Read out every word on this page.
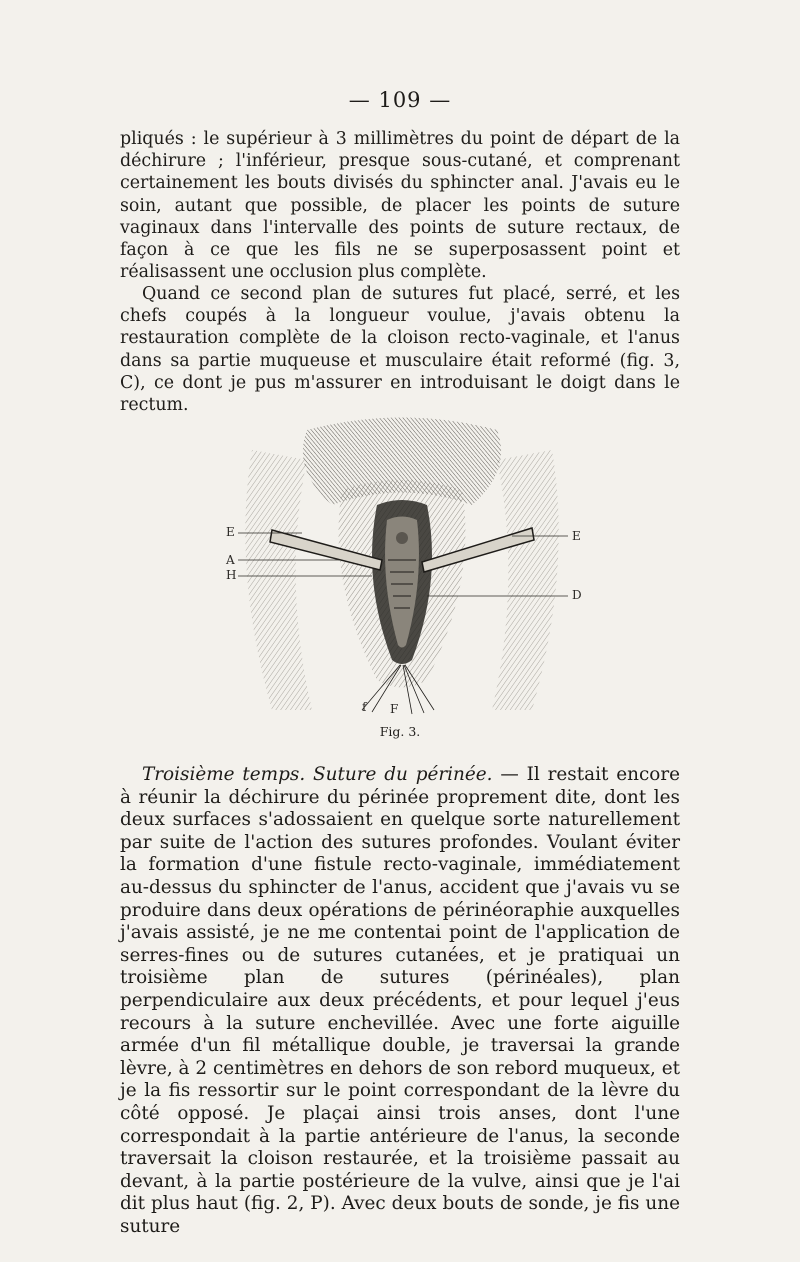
— 109 —

pliqués : le supérieur à 3 millimètres du point de départ de la déchirure ; l'inférieur, presque sous-cutané, et comprenant certainement les bouts divisés du sphincter anal. J'avais eu le soin, autant que possible, de placer les points de suture vaginaux dans l'intervalle des points de suture rectaux, de façon à ce que les fils ne se superposassent point et réalisassent une occlusion plus complète.

Quand ce second plan de sutures fut placé, serré, et les chefs coupés à la longueur voulue, j'avais obtenu la restauration complète de la cloison recto-vaginale, et l'anus dans sa partie muqueuse et musculaire était reformé (fig. 3, C), ce dont je pus m'assurer en introduisant le doigt dans le rectum.

E
A
H
E
D
f F
Fig. 3.

Troisième temps. Suture du périnée. — Il restait encore à réunir la déchirure du périnée proprement dite, dont les deux surfaces s'adossaient en quelque sorte naturellement par suite de l'action des sutures profondes. Voulant éviter la formation d'une fistule recto-vaginale, immédiatement au-dessus du sphincter de l'anus, accident que j'avais vu se produire dans deux opérations de périnéoraphie auxquelles j'avais assisté, je ne me contentai point de l'application de serres-fines ou de sutures cutanées, et je pratiquai un troisième plan de sutures (périnéales), plan perpendiculaire aux deux précédents, et pour lequel j'eus recours à la suture enchevillée. Avec une forte aiguille armée d'un fil métallique double, je traversai la grande lèvre, à 2 centimètres en dehors de son rebord muqueux, et je la fis ressortir sur le point correspondant de la lèvre du côté opposé. Je plaçai ainsi trois anses, dont l'une correspondait à la partie antérieure de l'anus, la seconde traversait la cloison restaurée, et la troisième passait au devant, à la partie postérieure de la vulve, ainsi que je l'ai dit plus haut (fig. 2, P). Avec deux bouts de sonde, je fis une suture
